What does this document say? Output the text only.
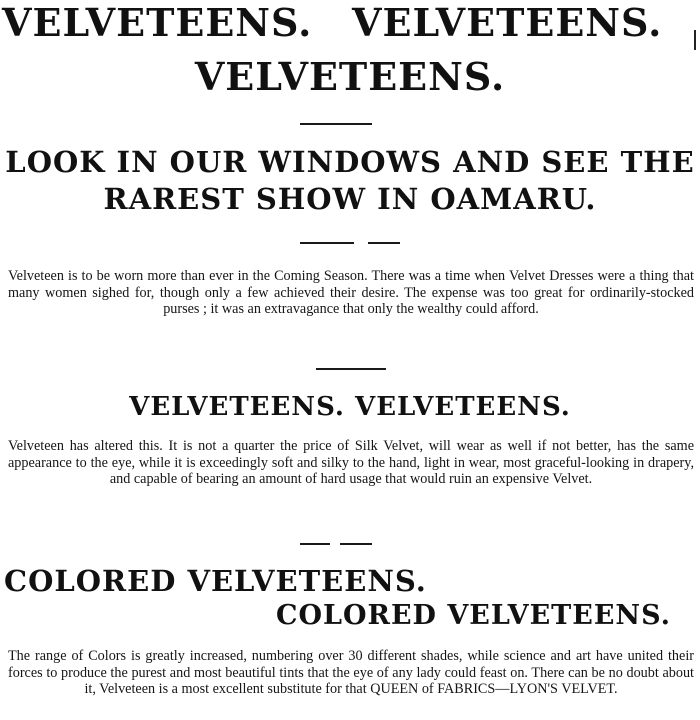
VELVETEENS. VELVETEENS.
VELVETEENS.
LOOK IN OUR WINDOWS AND SEE THE
RAREST SHOW IN OAMARU.

Velveteen is to be worn more than ever in the Coming Season. There was a time when Velvet Dresses were a thing that many women sighed for, though only a few achieved their desire. The expense was too great for ordinarily-stocked purses ; it was an extravagance that only the wealthy could afford.

VELVETEENS. VELVETEENS.

Velveteen has altered this. It is not a quarter the price of Silk Velvet, will wear as well if not better, has the same appearance to the eye, while it is exceedingly soft and silky to the hand, light in wear, most graceful-looking in drapery, and capable of bearing an amount of hard usage that would ruin an expensive Velvet.

COLORED VELVETEENS.
COLORED VELVETEENS.

The range of Colors is greatly increased, numbering over 30 different shades, while science and art have united their forces to produce the purest and most beautiful tints that the eye of any lady could feast on. There can be no doubt about it, Velveteen is a most excellent substitute for that QUEEN of FABRICS—LYON'S VELVET.
